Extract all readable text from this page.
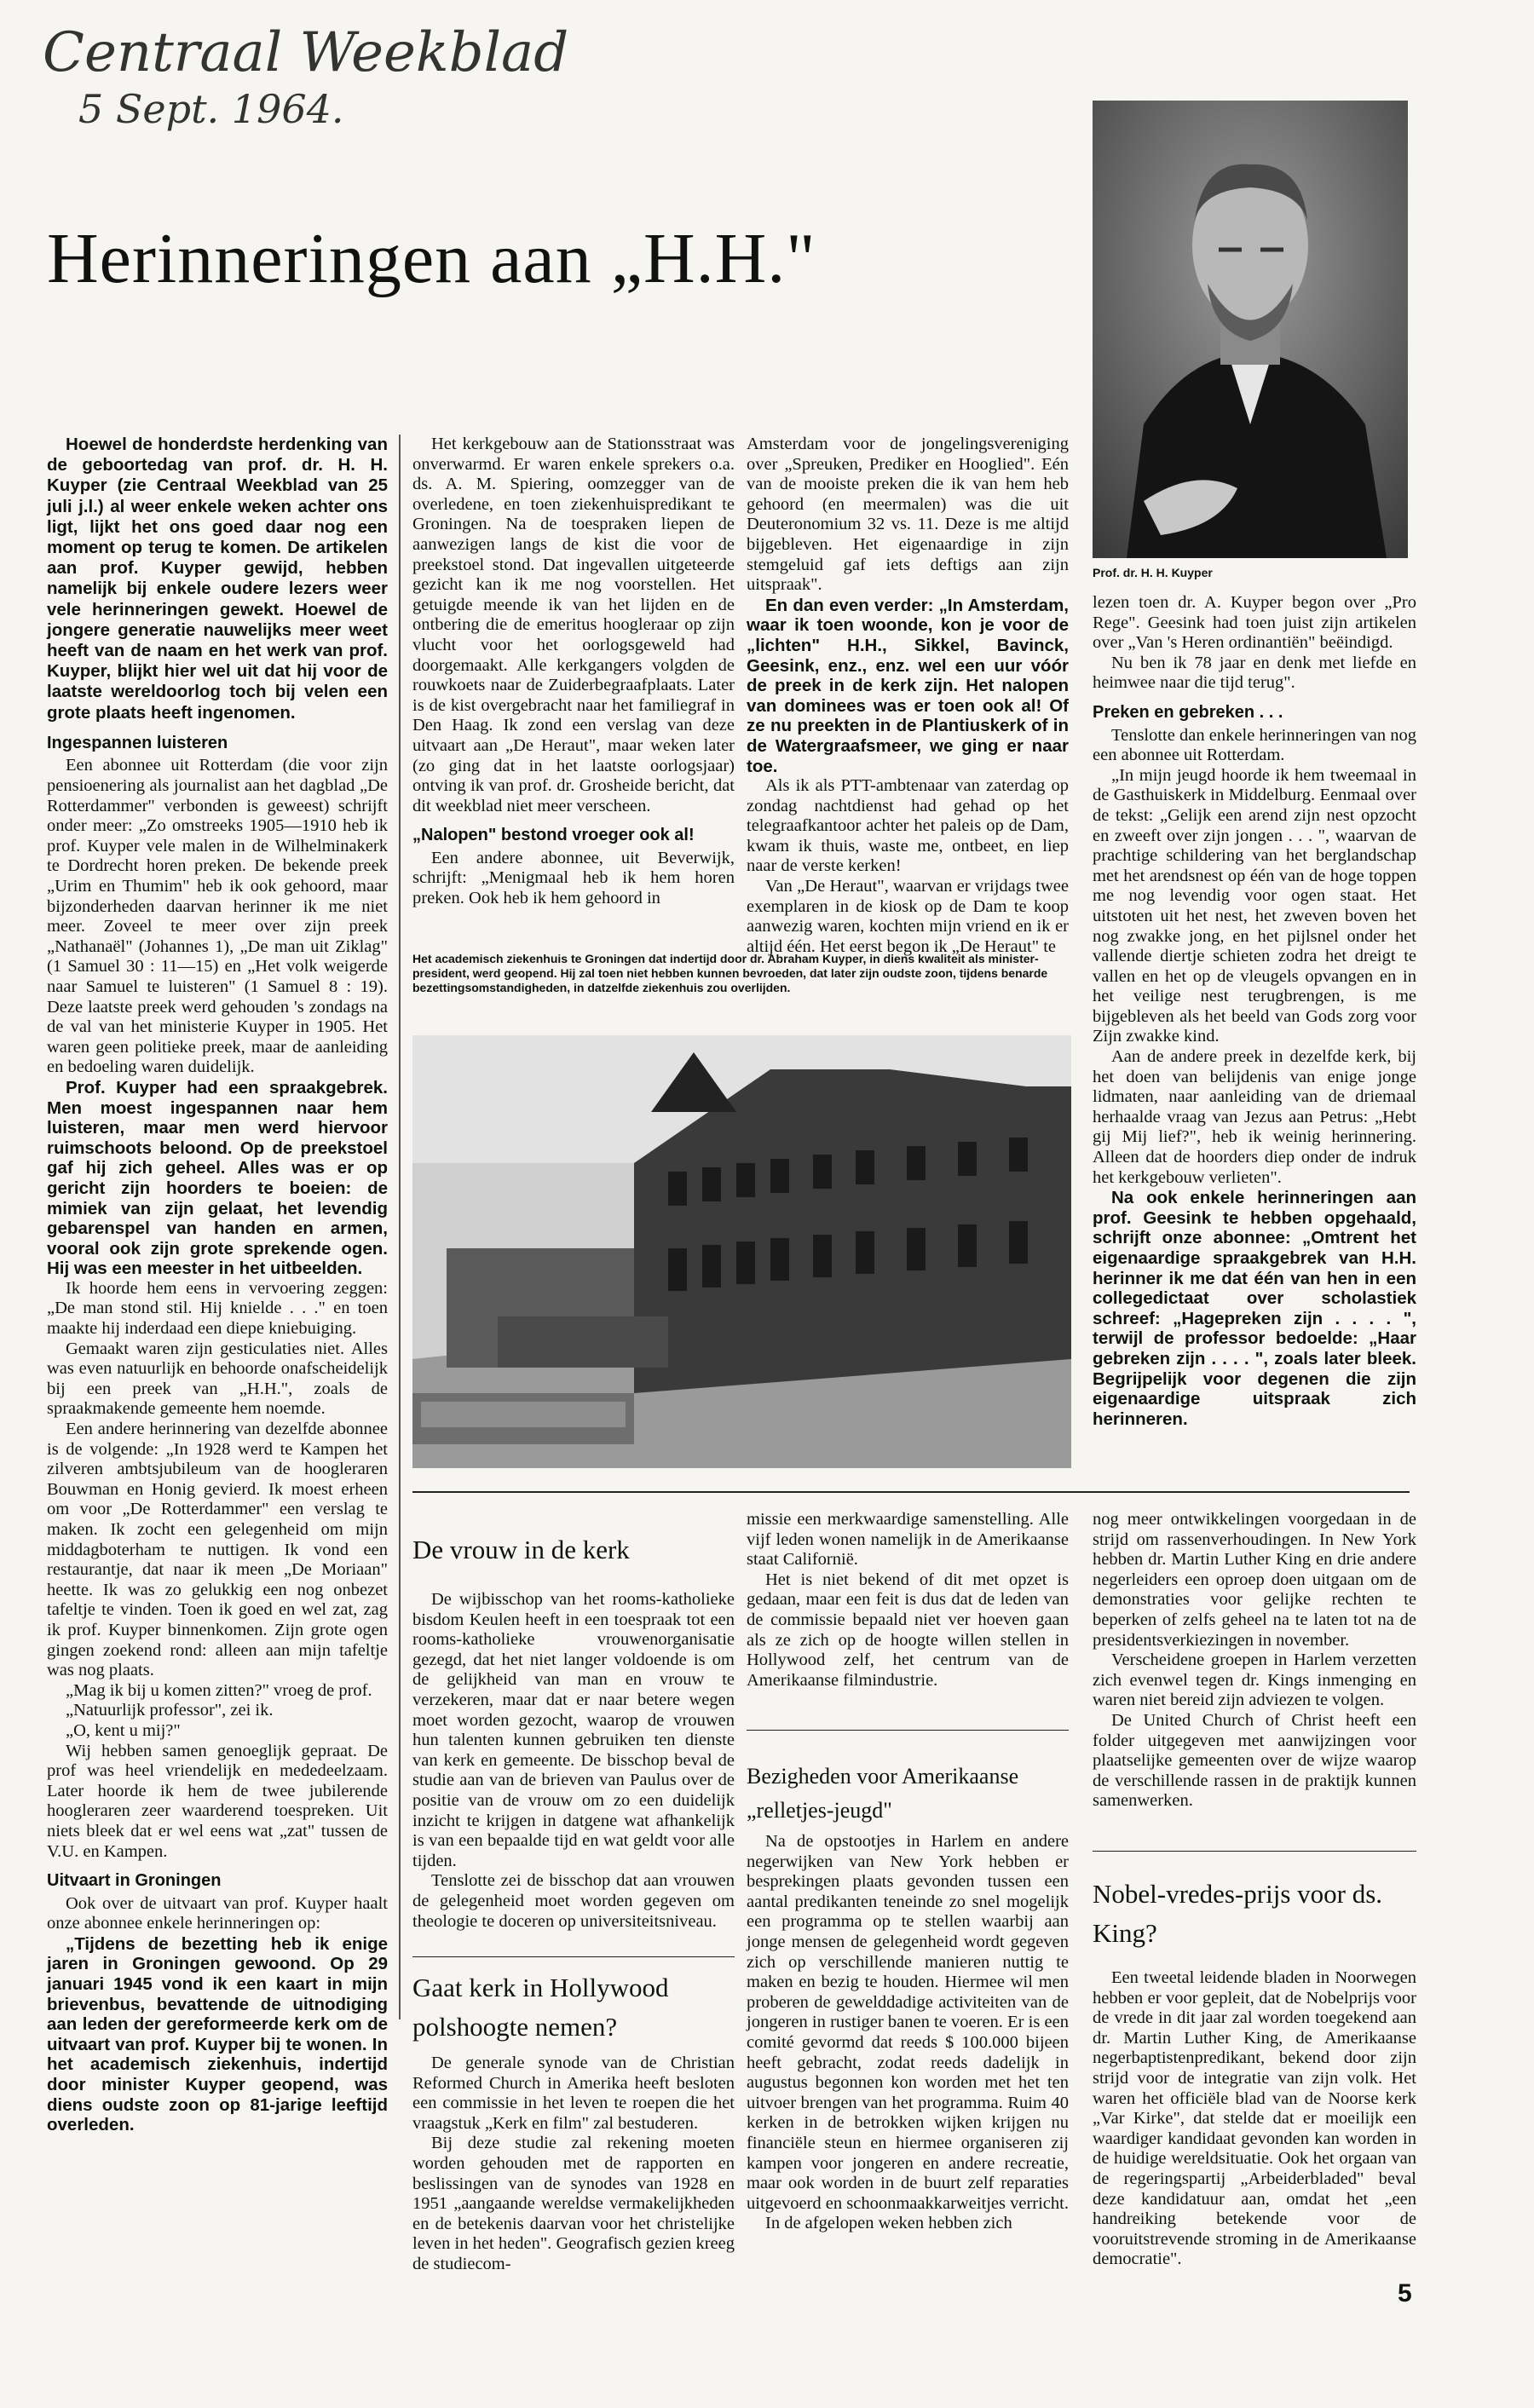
Centraal Weekblad
5 Sept. 1964.
Herinneringen aan „H.H."

Prof. dr. H. H. Kuyper

Hoewel de honderdste herdenking van de geboortedag van prof. dr. H. H. Kuyper (zie Centraal Weekblad van 25 juli j.l.) al weer enkele weken achter ons ligt, lijkt het ons goed daar nog een moment op terug te komen. De artikelen aan prof. Kuyper gewijd, hebben namelijk bij enkele oudere lezers weer vele herinneringen gewekt. Hoewel de jongere generatie nauwelijks meer weet heeft van de naam en het werk van prof. Kuyper, blijkt hier wel uit dat hij voor de laatste wereldoorlog toch bij velen een grote plaats heeft ingenomen.

Ingespannen luisteren

Een abonnee uit Rotterdam (die voor zijn pensioenering als journalist aan het dagblad „De Rotterdammer" verbonden is geweest) schrijft onder meer: „Zo omstreeks 1905—1910 heb ik prof. Kuyper vele malen in de Wilhelminakerk te Dordrecht horen preken. De bekende preek „Urim en Thumim" heb ik ook gehoord, maar bijzonderheden daarvan herinner ik me niet meer. Zoveel te meer over zijn preek „Nathanaël" (Johannes 1), „De man uit Ziklag" (1 Samuel 30 : 11—15) en „Het volk weigerde naar Samuel te luisteren" (1 Samuel 8 : 19). Deze laatste preek werd gehouden 's zondags na de val van het ministerie Kuyper in 1905. Het waren geen politieke preek, maar de aanleiding en bedoeling waren duidelijk.

Prof. Kuyper had een spraakgebrek. Men moest ingespannen naar hem luisteren, maar men werd hiervoor ruimschoots beloond. Op de preekstoel gaf hij zich geheel. Alles was er op gericht zijn hoorders te boeien: de mimiek van zijn gelaat, het levendig gebarenspel van handen en armen, vooral ook zijn grote sprekende ogen. Hij was een meester in het uitbeelden.

Ik hoorde hem eens in vervoering zeggen: „De man stond stil. Hij knielde . . ." en toen maakte hij inderdaad een diepe kniebuiging.

Gemaakt waren zijn gesticulaties niet. Alles was even natuurlijk en behoorde onafscheidelijk bij een preek van „H.H.", zoals de spraakmakende gemeente hem noemde.

Een andere herinnering van dezelfde abonnee is de volgende: „In 1928 werd te Kampen het zilveren ambtsjubileum van de hoogleraren Bouwman en Honig gevierd. Ik moest erheen om voor „De Rotterdammer" een verslag te maken. Ik zocht een gelegenheid om mijn middagboterham te nuttigen. Ik vond een restaurantje, dat naar ik meen „De Moriaan" heette. Ik was zo gelukkig een nog onbezet tafeltje te vinden. Toen ik goed en wel zat, zag ik prof. Kuyper binnenkomen. Zijn grote ogen gingen zoekend rond: alleen aan mijn tafeltje was nog plaats.

„Mag ik bij u komen zitten?" vroeg de prof.

„Natuurlijk professor", zei ik.

„O, kent u mij?"

Wij hebben samen genoeglijk gepraat. De prof was heel vriendelijk en mededeelzaam. Later hoorde ik hem de twee jubilerende hoogleraren zeer waarderend toespreken. Uit niets bleek dat er wel eens wat „zat" tussen de V.U. en Kampen.

Uitvaart in Groningen

Ook over de uitvaart van prof. Kuyper haalt onze abonnee enkele herinneringen op:

„Tijdens de bezetting heb ik enige jaren in Groningen gewoond. Op 29 januari 1945 vond ik een kaart in mijn brievenbus, bevattende de uitnodiging aan leden der gereformeerde kerk om de uitvaart van prof. Kuyper bij te wonen. In het academisch ziekenhuis, indertijd door minister Kuyper geopend, was diens oudste zoon op 81-jarige leeftijd overleden.

Het kerkgebouw aan de Stationsstraat was onverwarmd. Er waren enkele sprekers o.a. ds. A. M. Spiering, oomzegger van de overledene, en toen ziekenhuispredikant te Groningen. Na de toespraken liepen de aanwezigen langs de kist die voor de preekstoel stond. Dat ingevallen uitgeteerde gezicht kan ik me nog voorstellen. Het getuigde meende ik van het lijden en de ontbering die de emeritus hoogleraar op zijn vlucht voor het oorlogsgeweld had doorgemaakt. Alle kerkgangers volgden de rouwkoets naar de Zuiderbegraafplaats. Later is de kist overgebracht naar het familiegraf in Den Haag. Ik zond een verslag van deze uitvaart aan „De Heraut", maar weken later (zo ging dat in het laatste oorlogsjaar) ontving ik van prof. dr. Grosheide bericht, dat dit weekblad niet meer verscheen.

„Nalopen" bestond vroeger ook al!

Een andere abonnee, uit Beverwijk, schrijft: „Menigmaal heb ik hem horen preken. Ook heb ik hem gehoord in

Amsterdam voor de jongelingsvereniging over „Spreuken, Prediker en Hooglied". Eén van de mooiste preken die ik van hem heb gehoord (en meermalen) was die uit Deuteronomium 32 vs. 11. Deze is me altijd bijgebleven. Het eigenaardige in zijn stemgeluid gaf iets deftigs aan zijn uitspraak".

En dan even verder: „In Amsterdam, waar ik toen woonde, kon je voor de „lichten" H.H., Sikkel, Bavinck, Geesink, enz., enz. wel een uur vóór de preek in de kerk zijn. Het nalopen van dominees was er toen ook al! Of ze nu preekten in de Plantiuskerk of in de Watergraafsmeer, we ging er naar toe.

Als ik als PTT-ambtenaar van zaterdag op zondag nachtdienst had gehad op het telegraafkantoor achter het paleis op de Dam, kwam ik thuis, waste me, ontbeet, en liep naar de verste kerken!

Van „De Heraut", waarvan er vrijdags twee exemplaren in de kiosk op de Dam te koop aanwezig waren, kochten mijn vriend en ik er altijd één. Het eerst begon ik „De Heraut" te

Het academisch ziekenhuis te Groningen dat indertijd door dr. Abraham Kuyper, in diens kwaliteit als minister-president, werd geopend. Hij zal toen niet hebben kunnen bevroeden, dat later zijn oudste zoon, tijdens benarde bezettingsomstandigheden, in datzelfde ziekenhuis zou overlijden.

lezen toen dr. A. Kuyper begon over „Pro Rege". Geesink had toen juist zijn artikelen over „Van 's Heren ordinantiën" beëindigd.

Nu ben ik 78 jaar en denk met liefde en heimwee naar die tijd terug".

Preken en gebreken . . .

Tenslotte dan enkele herinneringen van nog een abonnee uit Rotterdam.

„In mijn jeugd hoorde ik hem tweemaal in de Gasthuiskerk in Middelburg. Eenmaal over de tekst: „Gelijk een arend zijn nest opzocht en zweeft over zijn jongen . . . ", waarvan de prachtige schildering van het berglandschap met het arendsnest op één van de hoge toppen me nog levendig voor ogen staat. Het uitstoten uit het nest, het zweven boven het nog zwakke jong, en het pijlsnel onder het vallende diertje schieten zodra het dreigt te vallen en het op de vleugels opvangen en in het veilige nest terugbrengen, is me bijgebleven als het beeld van Gods zorg voor Zijn zwakke kind.

Aan de andere preek in dezelfde kerk, bij het doen van belijdenis van enige jonge lidmaten, naar aanleiding van de driemaal herhaalde vraag van Jezus aan Petrus: „Hebt gij Mij lief?", heb ik weinig herinnering. Alleen dat de hoorders diep onder de indruk het kerkgebouw verlieten".

Na ook enkele herinneringen aan prof. Geesink te hebben opgehaald, schrijft onze abonnee: „Omtrent het eigenaardige spraakgebrek van H.H. herinner ik me dat één van hen in een collegedictaat over scholastiek schreef: „Hagepreken zijn . . . . ", terwijl de professor bedoelde: „Haar gebreken zijn . . . . ", zoals later bleek. Begrijpelijk voor degenen die zijn eigenaardige uitspraak zich herinneren.

De vrouw in de kerk

De wijbisschop van het rooms-katholieke bisdom Keulen heeft in een toespraak tot een rooms-katholieke vrouwenorganisatie gezegd, dat het niet langer voldoende is om de gelijkheid van man en vrouw te verzekeren, maar dat er naar betere wegen moet worden gezocht, waarop de vrouwen hun talenten kunnen gebruiken ten dienste van kerk en gemeente. De bisschop beval de studie aan van de brieven van Paulus over de positie van de vrouw om zo een duidelijk inzicht te krijgen in datgene wat afhankelijk is van een bepaalde tijd en wat geldt voor alle tijden.

Tenslotte zei de bisschop dat aan vrouwen de gelegenheid moet worden gegeven om theologie te doceren op universiteitsniveau.

Gaat kerk in Hollywood polshoogte nemen?

De generale synode van de Christian Reformed Church in Amerika heeft besloten een commissie in het leven te roepen die het vraagstuk „Kerk en film" zal bestuderen.

Bij deze studie zal rekening moeten worden gehouden met de rapporten en beslissingen van de synodes van 1928 en 1951 „aangaande wereldse vermakelijkheden en de betekenis daarvan voor het christelijke leven in het heden". Geografisch gezien kreeg de studiecom-

missie een merkwaardige samenstelling. Alle vijf leden wonen namelijk in de Amerikaanse staat Californië.

Het is niet bekend of dit met opzet is gedaan, maar een feit is dus dat de leden van de commissie bepaald niet ver hoeven gaan als ze zich op de hoogte willen stellen in Hollywood zelf, het centrum van de Amerikaanse filmindustrie.

Bezigheden voor Amerikaanse „relletjes-jeugd"

Na de opstootjes in Harlem en andere negerwijken van New York hebben er besprekingen plaats gevonden tussen een aantal predikanten teneinde zo snel mogelijk een programma op te stellen waarbij aan jonge mensen de gelegenheid wordt gegeven zich op verschillende manieren nuttig te maken en bezig te houden. Hiermee wil men proberen de gewelddadige activiteiten van de jongeren in rustiger banen te voeren. Er is een comité gevormd dat reeds $ 100.000 bijeen heeft gebracht, zodat reeds dadelijk in augustus begonnen kon worden met het ten uitvoer brengen van het programma. Ruim 40 kerken in de betrokken wijken krijgen nu financiële steun en hiermee organiseren zij kampen voor jongeren en andere recreatie, maar ook worden in de buurt zelf reparaties uitgevoerd en schoonmaakkarweitjes verricht.

In de afgelopen weken hebben zich

nog meer ontwikkelingen voorgedaan in de strijd om rassenverhoudingen. In New York hebben dr. Martin Luther King en drie andere negerleiders een oproep doen uitgaan om de demonstraties voor gelijke rechten te beperken of zelfs geheel na te laten tot na de presidentsverkiezingen in november.

Verscheidene groepen in Harlem verzetten zich evenwel tegen dr. Kings inmenging en waren niet bereid zijn adviezen te volgen.

De United Church of Christ heeft een folder uitgegeven met aanwijzingen voor plaatselijke gemeenten over de wijze waarop de verschillende rassen in de praktijk kunnen samenwerken.

Nobel-vredes-prijs voor ds. King?

Een tweetal leidende bladen in Noorwegen hebben er voor gepleit, dat de Nobelprijs voor de vrede in dit jaar zal worden toegekend aan dr. Martin Luther King, de Amerikaanse negerbaptistenpredikant, bekend door zijn strijd voor de integratie van zijn volk. Het waren het officiële blad van de Noorse kerk „Var Kirke", dat stelde dat er moeilijk een waardiger kandidaat gevonden kan worden in de huidige wereldsituatie. Ook het orgaan van de regeringspartij „Arbeiderbladed" beval deze kandidatuur aan, omdat het „een handreiking betekende voor de vooruitstrevende stroming in de Amerikaanse democratie".

5
